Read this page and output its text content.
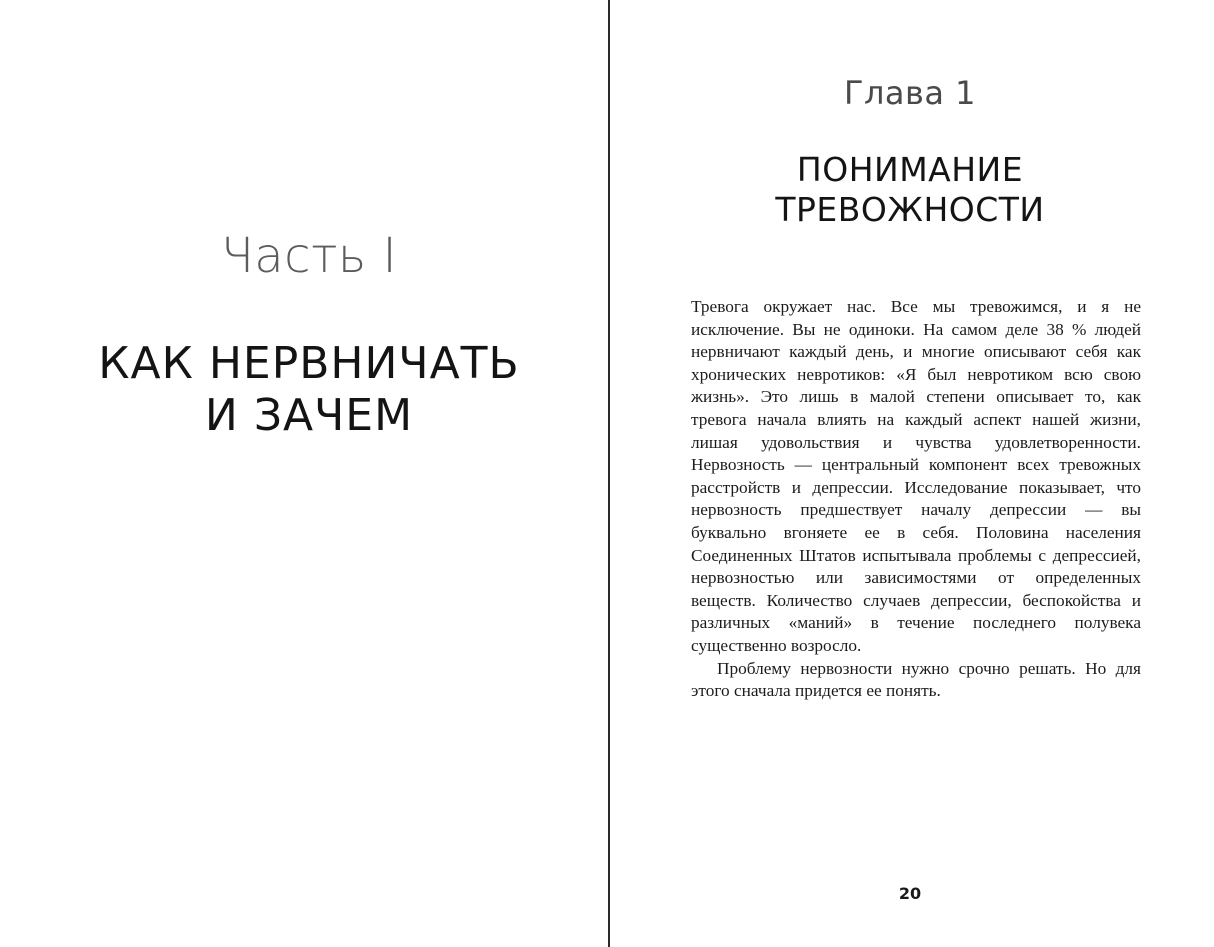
Часть I
КАК НЕРВНИЧАТЬ
И ЗАЧЕМ
Глава 1
ПОНИМАНИЕ
ТРЕВОЖНОСТИ

Тревога окружает нас. Все мы тревожимся, и я не исключение. Вы не одиноки. На самом деле 38 % людей нервничают каждый день, и многие описывают себя как хронических невротиков: «Я был невротиком всю свою жизнь». Это лишь в малой степени описывает то, как тревога начала влиять на каждый аспект нашей жизни, лишая удовольствия и чувства удовлетворенности. Нервозность — центральный компонент всех тревожных расстройств и депрессии. Исследование показывает, что нервозность предшествует началу депрессии — вы буквально вгоняете ее в себя. Половина населения Соединенных Штатов испытывала проблемы с депрессией, нервозностью или зависимостями от определенных веществ. Количество случаев депрессии, беспокойства и различных «маний» в течение последнего полувека существенно возросло.

Проблему нервозности нужно срочно решать. Но для этого сначала придется ее понять.

20
